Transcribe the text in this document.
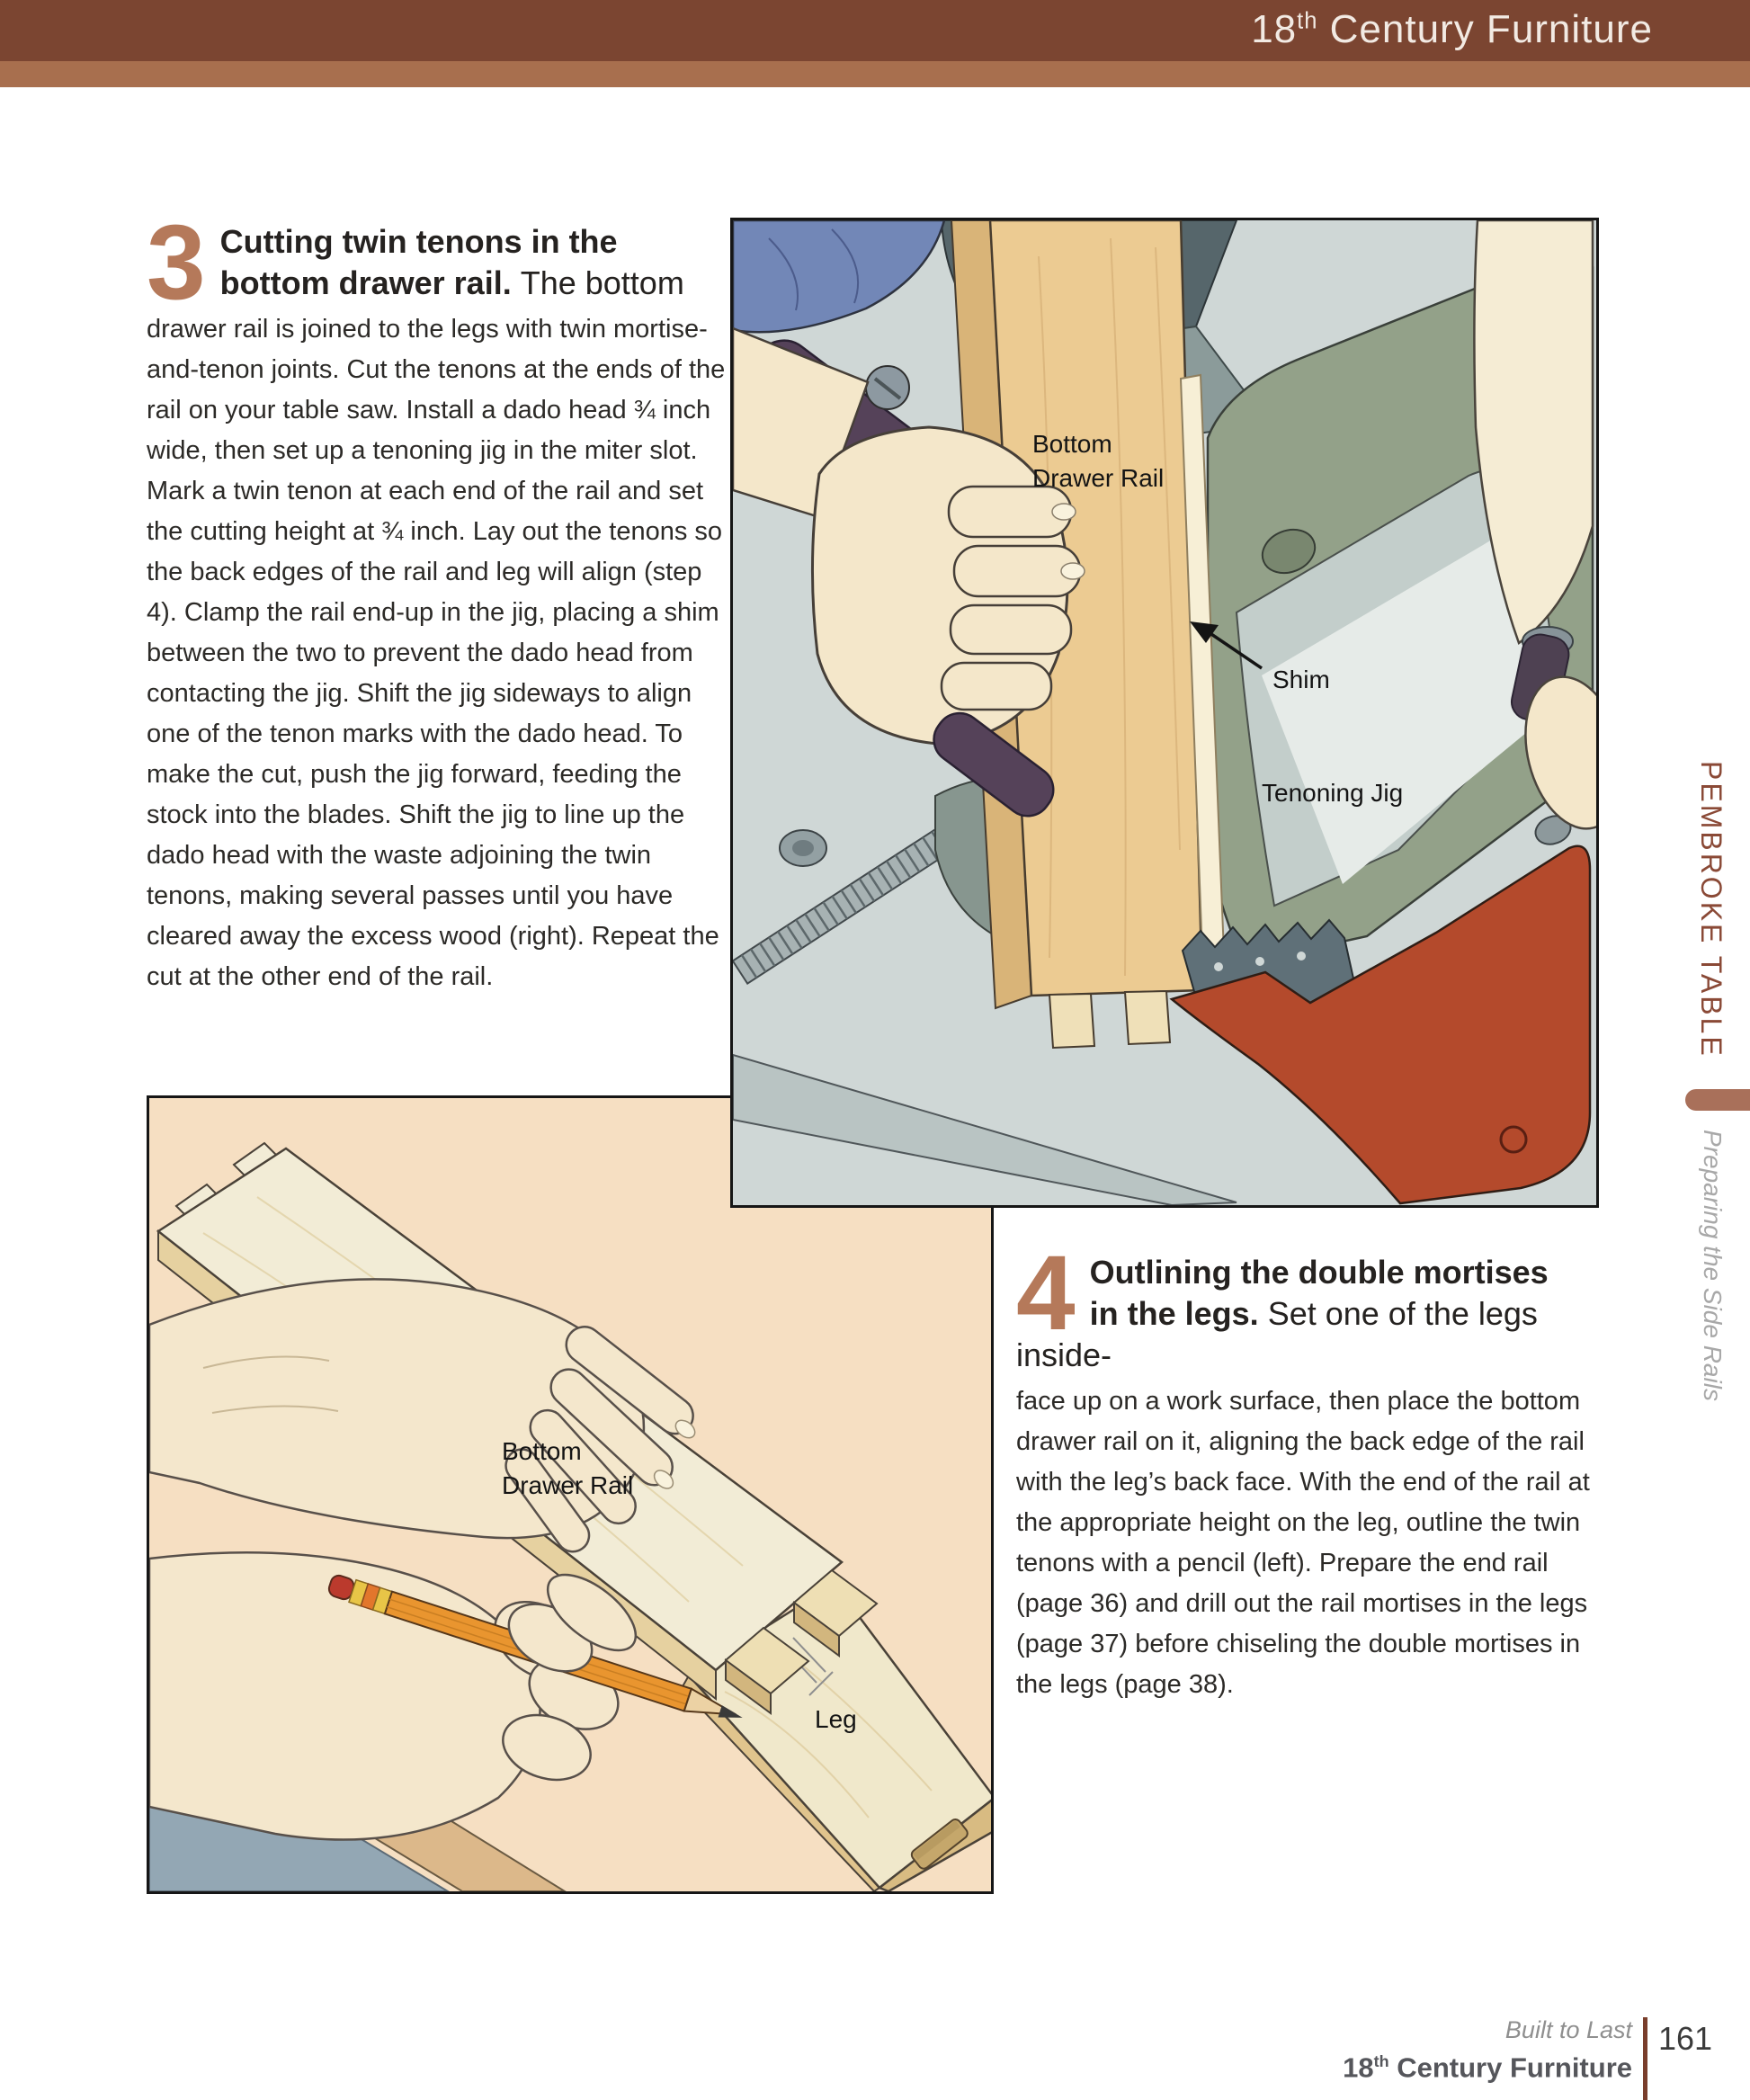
18th Century Furniture
3 Cutting twin tenons in the
bottom drawer rail. The bottom
drawer rail is joined to the legs with twin mortise-and-tenon joints. Cut the tenons at the ends of the rail on your table saw. Install a dado head ¾ inch wide, then set up a tenoning jig in the miter slot. Mark a twin tenon at each end of the rail and set the cutting height at ¾ inch. Lay out the tenons so the back edges of the rail and leg will align (step 4). Clamp the rail end-up in the jig, placing a shim between the two to prevent the dado head from contacting the jig. Shift the jig sideways to align one of the tenon marks with the dado head. To make the cut, push the jig forward, feeding the stock into the blades. Shift the jig to line up the dado head with the waste adjoining the twin tenons, making several passes until you have cleared away the excess wood (right). Repeat the cut at the other end of the rail.
Bottom
Drawer Rail
Shim
Tenoning Jig
Bottom
Drawer Rail
Leg
4 Outlining the double mortises
in the legs. Set one of the legs inside-
face up on a work surface, then place the bottom drawer rail on it, aligning the back edge of the rail with the leg’s back face. With the end of the rail at the appropriate height on the leg, outline the twin tenons with a pencil (left). Prepare the end rail (page 36) and drill out the rail mortises in the legs (page 37) before chiseling the double mortises in the legs (page 38).
PEMBROKE TABLE
Preparing the Side Rails
Built to Last
18th Century Furniture
161
